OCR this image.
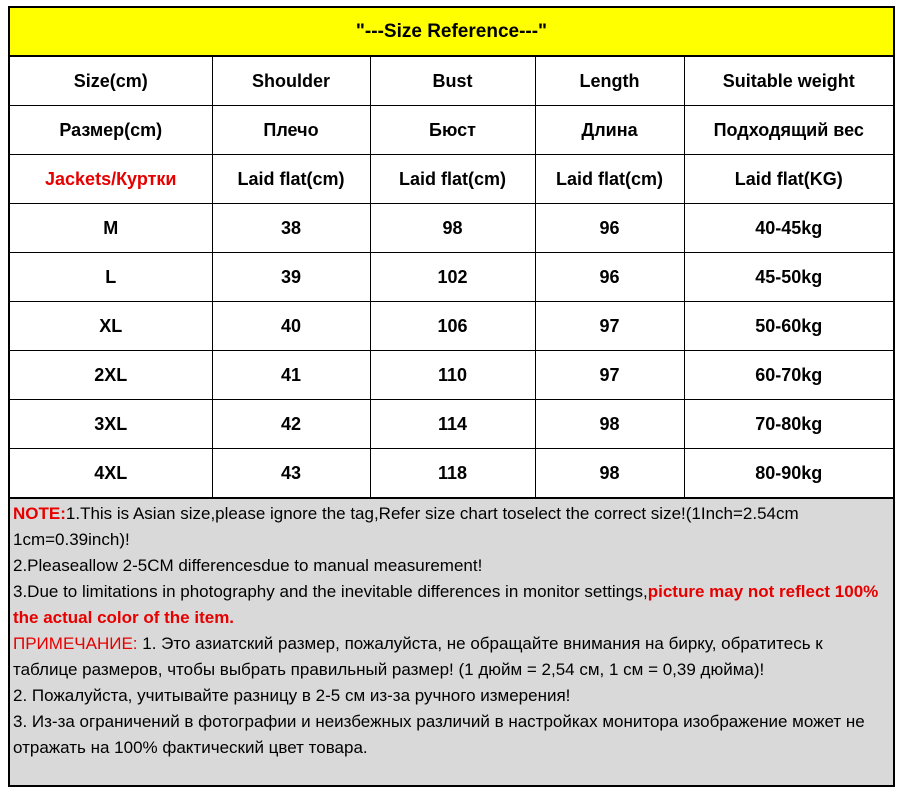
"---Size Reference---"
Size(cm)	Shoulder	Bust	Length	Suitable weight
Размер(cm)	Плечо	Бюст	Длина	Подходящий вес
Jackets/Куртки	Laid flat(cm)	Laid flat(cm)	Laid flat(cm)	Laid flat(KG)
M	38	98	96	40-45kg
L	39	102	96	45-50kg
XL	40	106	97	50-60kg
2XL	41	110	97	60-70kg
3XL	42	114	98	70-80kg
4XL	43	118	98	80-90kg

NOTE:1.This is Asian size,please ignore the tag,Refer size chart toselect the correct size!(1Inch=2.54cm 1cm=0.39inch)!

2.Pleaseallow 2-5CM differencesdue to manual measurement!

3.Due to limitations in photography and the inevitable differences in monitor settings,picture may not reflect 100% the actual color of the item.

ПРИМЕЧАНИЕ: 1. Это азиатский размер, пожалуйста, не обращайте внимания на бирку, обратитесь к таблице размеров, чтобы выбрать правильный размер! (1 дюйм = 2,54 см, 1 см = 0,39 дюйма)!

2. Пожалуйста, учитывайте разницу в 2-5 см из-за ручного измерения!

3. Из-за ограничений в фотографии и неизбежных различий в настройках монитора изображение может не отражать на 100% фактический цвет товара.
